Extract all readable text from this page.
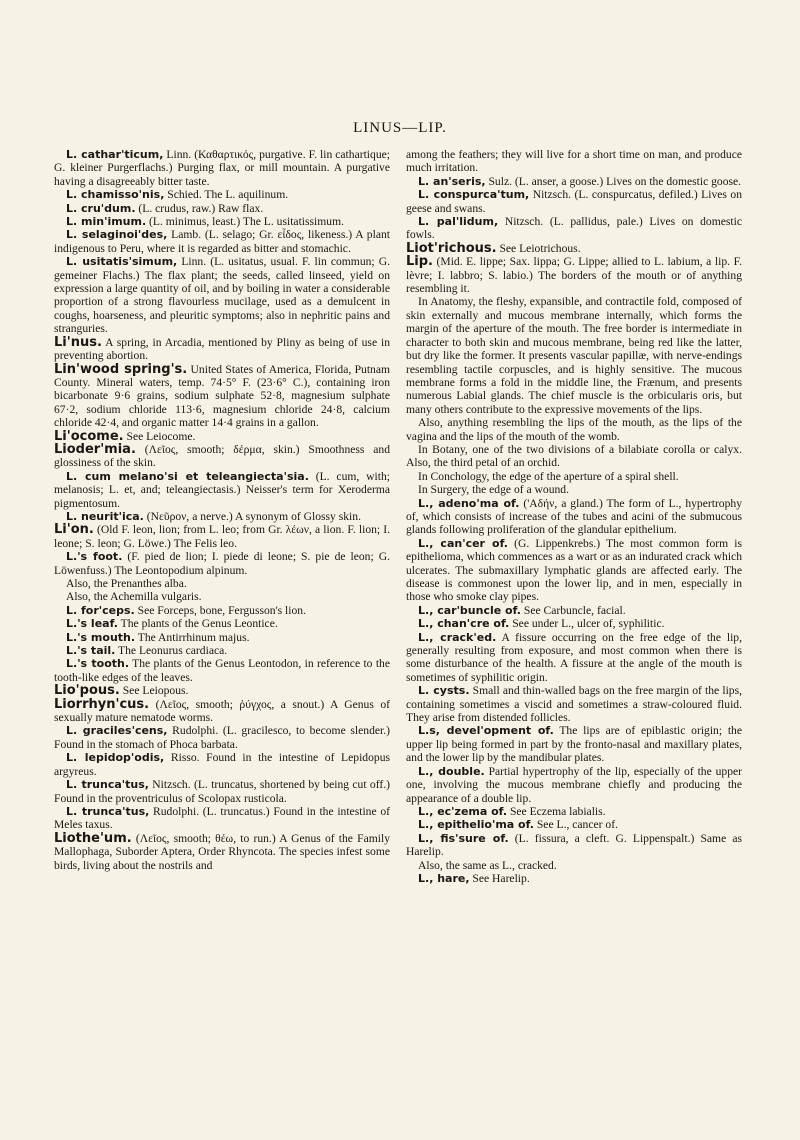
LINUS—LIP.

L. cathar'ticum, Linn. (Καθαρτικός, purgative. F. lin cathartique; G. kleiner Purgerflachs.) Purging flax, or mill mountain. A purgative having a disagreeably bitter taste.

L. chamisso'nis, Schied. The L. aquilinum.

L. cru'dum. (L. crudus, raw.) Raw flax.

L. min'imum. (L. minimus, least.) The L. usitatissimum.

L. selaginoi'des, Lamb. (L. selago; Gr. εἶδος, likeness.) A plant indigenous to Peru, where it is regarded as bitter and stomachic.

L. usitatis'simum, Linn. (L. usitatus, usual. F. lin commun; G. gemeiner Flachs.) The flax plant; the seeds, called linseed, yield on expression a large quantity of oil, and by boiling in water a considerable proportion of a strong flavourless mucilage, used as a demulcent in coughs, hoarseness, and pleuritic symptoms; also in nephritic pains and stranguries.

Li'nus. A spring, in Arcadia, mentioned by Pliny as being of use in preventing abortion.

Lin'wood spring's. United States of America, Florida, Putnam County. Mineral waters, temp. 74·5° F. (23·6° C.), containing iron bicarbonate 9·6 grains, sodium sulphate 52·8, magnesium sulphate 67·2, sodium chloride 113·6, magnesium chloride 24·8, calcium chloride 42·4, and organic matter 14·4 grains in a gallon.

Li'ocome. See Leiocome.

Lioder'mia. (Λεῖος, smooth; δέρμα, skin.) Smoothness and glossiness of the skin.

L. cum melano'si et teleangiecta'sia. (L. cum, with; melanosis; L. et, and; teleangiectasis.) Neisser's term for Xeroderma pigmentosum.

L. neurit'ica. (Νεῦρον, a nerve.) A synonym of Glossy skin.

Li'on. (Old F. leon, lion; from L. leo; from Gr. λέων, a lion. F. lion; I. leone; S. leon; G. Löwe.) The Felis leo.

L.'s foot. (F. pied de lion; I. piede di leone; S. pie de leon; G. Löwenfuss.) The Leontopodium alpinum.

Also, the Prenanthes alba.

Also, the Achemilla vulgaris.

L. for'ceps. See Forceps, bone, Fergusson's lion.

L.'s leaf. The plants of the Genus Leontice.

L.'s mouth. The Antirrhinum majus.

L.'s tail. The Leonurus cardiaca.

L.'s tooth. The plants of the Genus Leontodon, in reference to the tooth-like edges of the leaves.

Lio'pous. See Leiopous.

Liorrhyn'cus. (Λεῖος, smooth; ῥύγχος, a snout.) A Genus of sexually mature nematode worms.

L. graciles'cens, Rudolphi. (L. gracilesco, to become slender.) Found in the stomach of Phoca barbata.

L. lepidop'odis, Risso. Found in the intestine of Lepidopus argyreus.

L. trunca'tus, Nitzsch. (L. truncatus, shortened by being cut off.) Found in the proventriculus of Scolopax rusticola.

L. trunca'tus, Rudolphi. (L. truncatus.) Found in the intestine of Meles taxus.

Liothe'um. (Λεῖος, smooth; θέω, to run.) A Genus of the Family Mallophaga, Suborder Aptera, Order Rhyncota. The species infest some birds, living about the nostrils and

among the feathers; they will live for a short time on man, and produce much irritation.

L. an'seris, Sulz. (L. anser, a goose.) Lives on the domestic goose.

L. conspurca'tum, Nitzsch. (L. conspurcatus, defiled.) Lives on geese and swans.

L. pal'lidum, Nitzsch. (L. pallidus, pale.) Lives on domestic fowls.

Liot'richous. See Leiotrichous.

Lip. (Mid. E. lippe; Sax. lippa; G. Lippe; allied to L. labium, a lip. F. lèvre; I. labbro; S. labio.) The borders of the mouth or of anything resembling it.

In Anatomy, the fleshy, expansible, and contractile fold, composed of skin externally and mucous membrane internally, which forms the margin of the aperture of the mouth. The free border is intermediate in character to both skin and mucous membrane, being red like the latter, but dry like the former. It presents vascular papillæ, with nerve-endings resembling tactile corpuscles, and is highly sensitive. The mucous membrane forms a fold in the middle line, the Frænum, and presents numerous Labial glands. The chief muscle is the orbicularis oris, but many others contribute to the expressive movements of the lips.

Also, anything resembling the lips of the mouth, as the lips of the vagina and the lips of the mouth of the womb.

In Botany, one of the two divisions of a bilabiate corolla or calyx. Also, the third petal of an orchid.

In Conchology, the edge of the aperture of a spiral shell.

In Surgery, the edge of a wound.

L., adeno'ma of. ('Αδήν, a gland.) The form of L., hypertrophy of, which consists of increase of the tubes and acini of the submucous glands following proliferation of the glandular epithelium.

L., can'cer of. (G. Lippenkrebs.) The most common form is epithelioma, which commences as a wart or as an indurated crack which ulcerates. The submaxillary lymphatic glands are affected early. The disease is commonest upon the lower lip, and in men, especially in those who smoke clay pipes.

L., car'buncle of. See Carbuncle, facial.

L., chan'cre of. See under L., ulcer of, syphilitic.

L., crack'ed. A fissure occurring on the free edge of the lip, generally resulting from exposure, and most common when there is some disturbance of the health. A fissure at the angle of the mouth is sometimes of syphilitic origin.

L. cysts. Small and thin-walled bags on the free margin of the lips, containing sometimes a viscid and sometimes a straw-coloured fluid. They arise from distended follicles.

L.s, devel'opment of. The lips are of epiblastic origin; the upper lip being formed in part by the fronto-nasal and maxillary plates, and the lower lip by the mandibular plates.

L., double. Partial hypertrophy of the lip, especially of the upper one, involving the mucous membrane chiefly and producing the appearance of a double lip.

L., ec'zema of. See Eczema labialis.

L., epithelio'ma of. See L., cancer of.

L., fis'sure of. (L. fissura, a cleft. G. Lippenspalt.) Same as Harelip.

Also, the same as L., cracked.

L., hare, See Harelip.
